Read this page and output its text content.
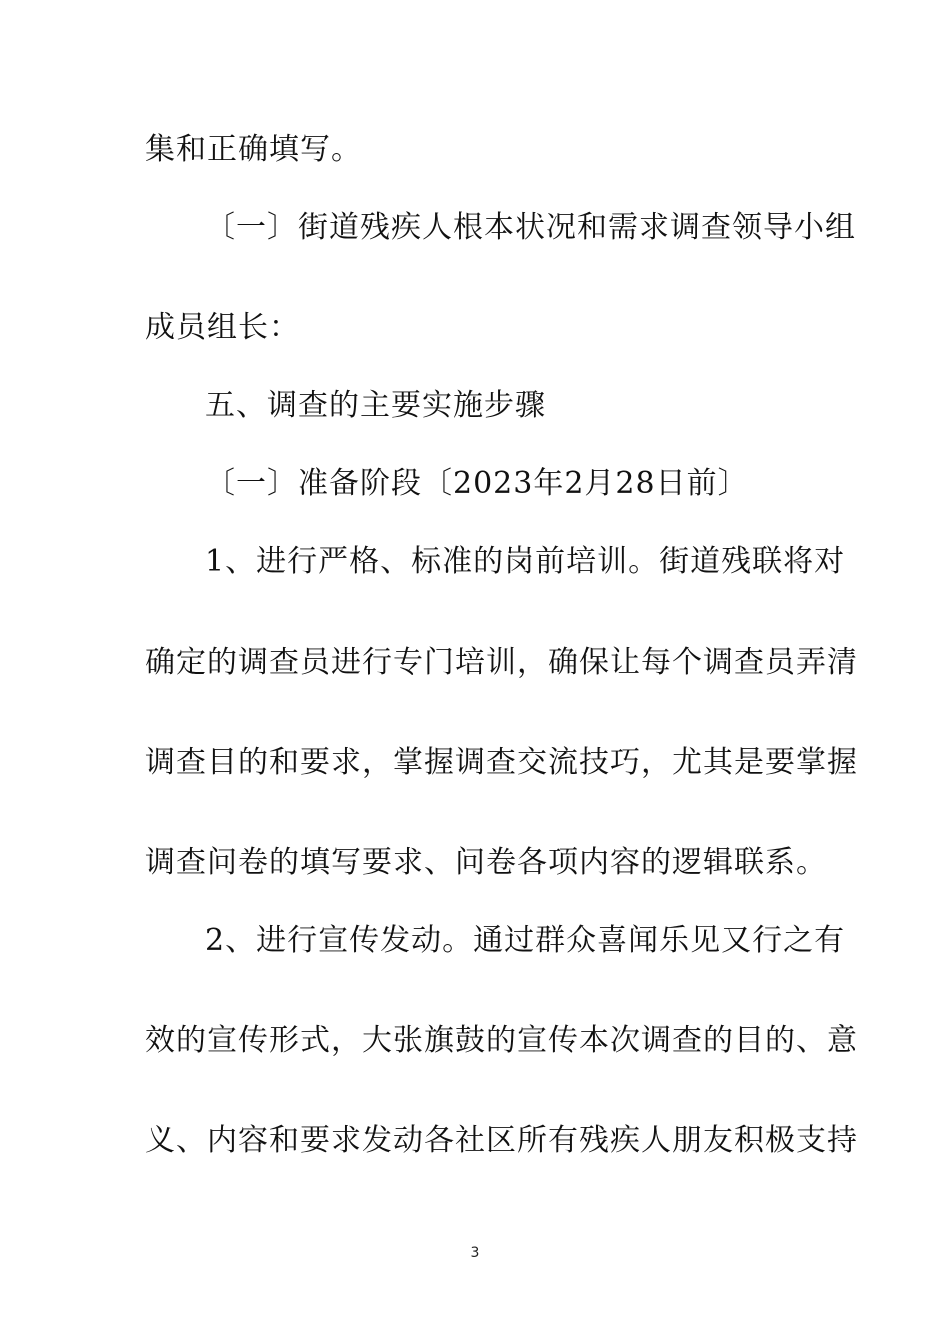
集和正确填写。
〔一〕街道残疾人根本状况和需求调查领导小组
成员组长：
五、调查的主要实施步骤
〔一〕准备阶段〔2023年2月28日前〕
1、进行严格、标准的岗前培训。街道残联将对
确定的调查员进行专门培训，确保让每个调查员弄清
调查目的和要求，掌握调查交流技巧，尤其是要掌握
调查问卷的填写要求、问卷各项内容的逻辑联系。
2、进行宣传发动。通过群众喜闻乐见又行之有
效的宣传形式，大张旗鼓的宣传本次调查的目的、意
义、内容和要求发动各社区所有残疾人朋友积极支持
3
